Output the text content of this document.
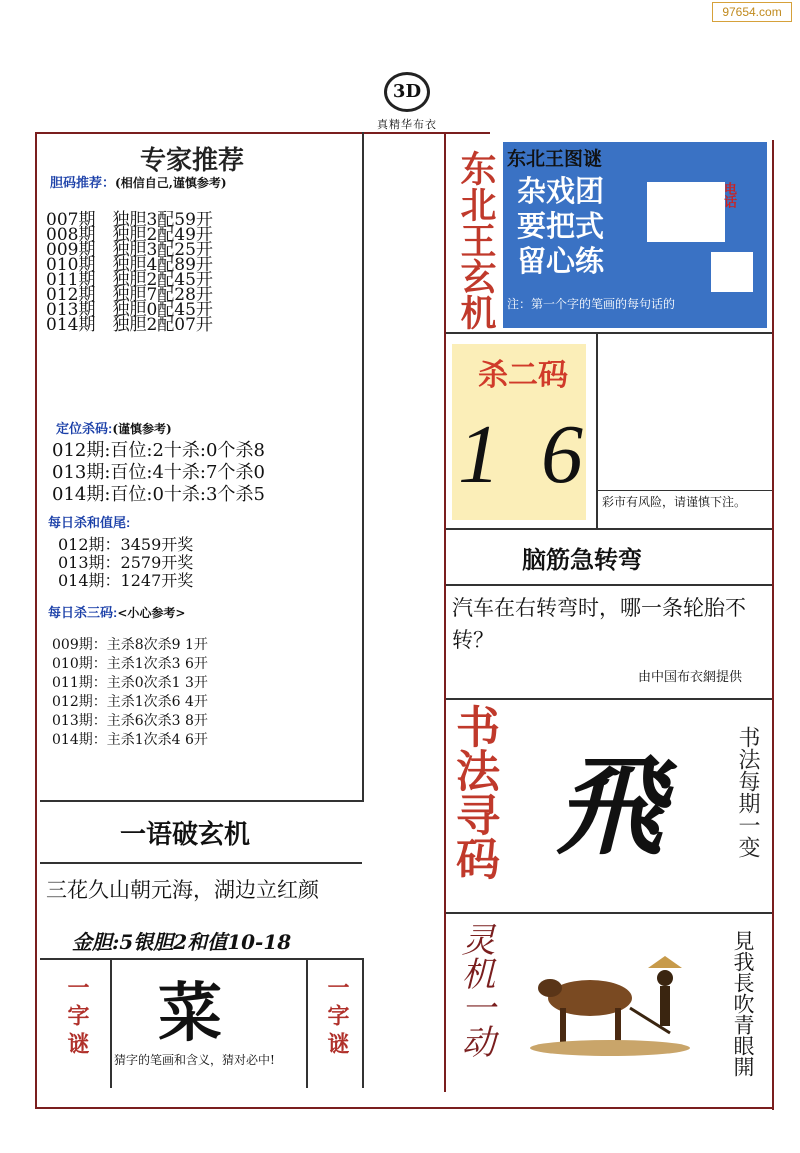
97654.com
3D
真精华布衣
专家推荐
胆码推荐：(相信自己,谨慎参考)
007期　独胆3配59开
008期　独胆2配49开
009期　独胆3配25开
010期　独胆4配89开
011期　独胆2配45开
012期　独胆7配28开
013期　独胆0配45开
014期　独胆2配07开
定位杀码:(谨慎参考)
012期:百位:2十杀:0个杀8
013期:百位:4十杀:7个杀0
014期:百位:0十杀:3个杀5
每日杀和值尾:
012期：3459开奖
013期：2579开奖
014期：1247开奖
每日杀三码:<小心参考>
009期：主杀8次杀9 1开
010期：主杀1次杀3 6开
011期：主杀0次杀1 3开
012期：主杀1次杀6 4开
013期：主杀6次杀3 8开
014期：主杀1次杀4 6开
一语破玄机
三花久山朝元海，湖边立红颜
金胆:5银胆2和值10-18
一字谜 菜
猜字的笔画和含义，猜对必中!	一字谜
东北王玄机 东北王图谜
杂戏团
要把式
留心练
电话
注：第一个字的笔画的每句话的
杀二码
1 6
彩市有风险，请谨慎下注。
脑筋急转弯
汽车在右转弯时，哪一条轮胎不转？
由中国布衣網提供
书法寻码 飛	书法每期一变
灵机一动	見我長吹青眼開
